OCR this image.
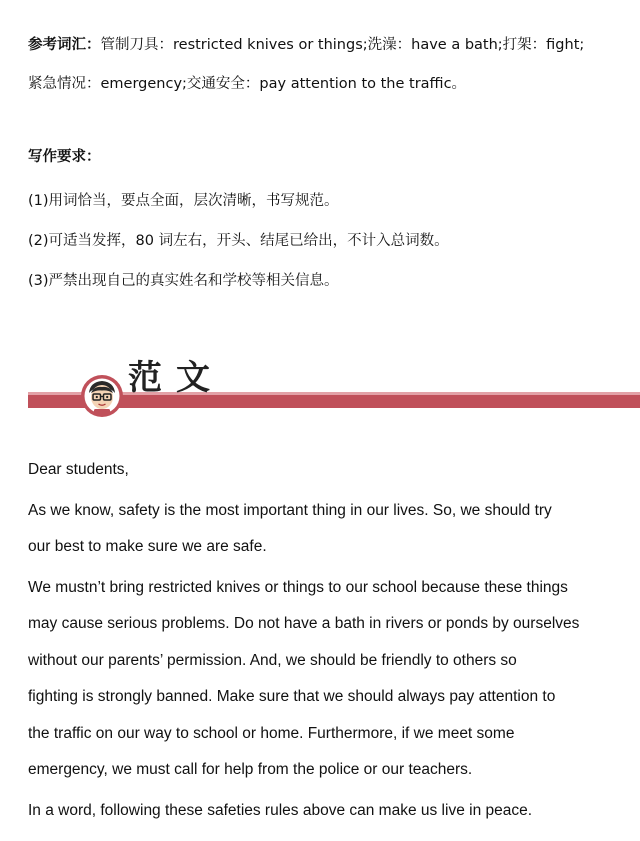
参考词汇：管制刀具：restricted knives or things;洗澡：have a bath;打架：fight;
紧急情况：emergency;交通安全：pay attention to the traffic。
写作要求：
(1)用词恰当，要点全面，层次清晰，书写规范。
(2)可适当发挥，80 词左右，开头、结尾已给出，不计入总词数。
(3)严禁出现自己的真实姓名和学校等相关信息。
范文

Dear students,

As we know, safety is the most important thing in our lives. So, we should try
our best to make sure we are safe.
We mustn’t bring restricted knives or things to our school because these things
may cause serious problems. Do not have a bath in rivers or ponds by ourselves
without our parents’ permission. And, we should be friendly to others so
fighting is strongly banned. Make sure that we should always pay attention to
the traffic on our way to school or home. Furthermore, if we meet some
emergency, we must call for help from the police or our teachers.
In a word, following these safeties rules above can make us live in peace.
